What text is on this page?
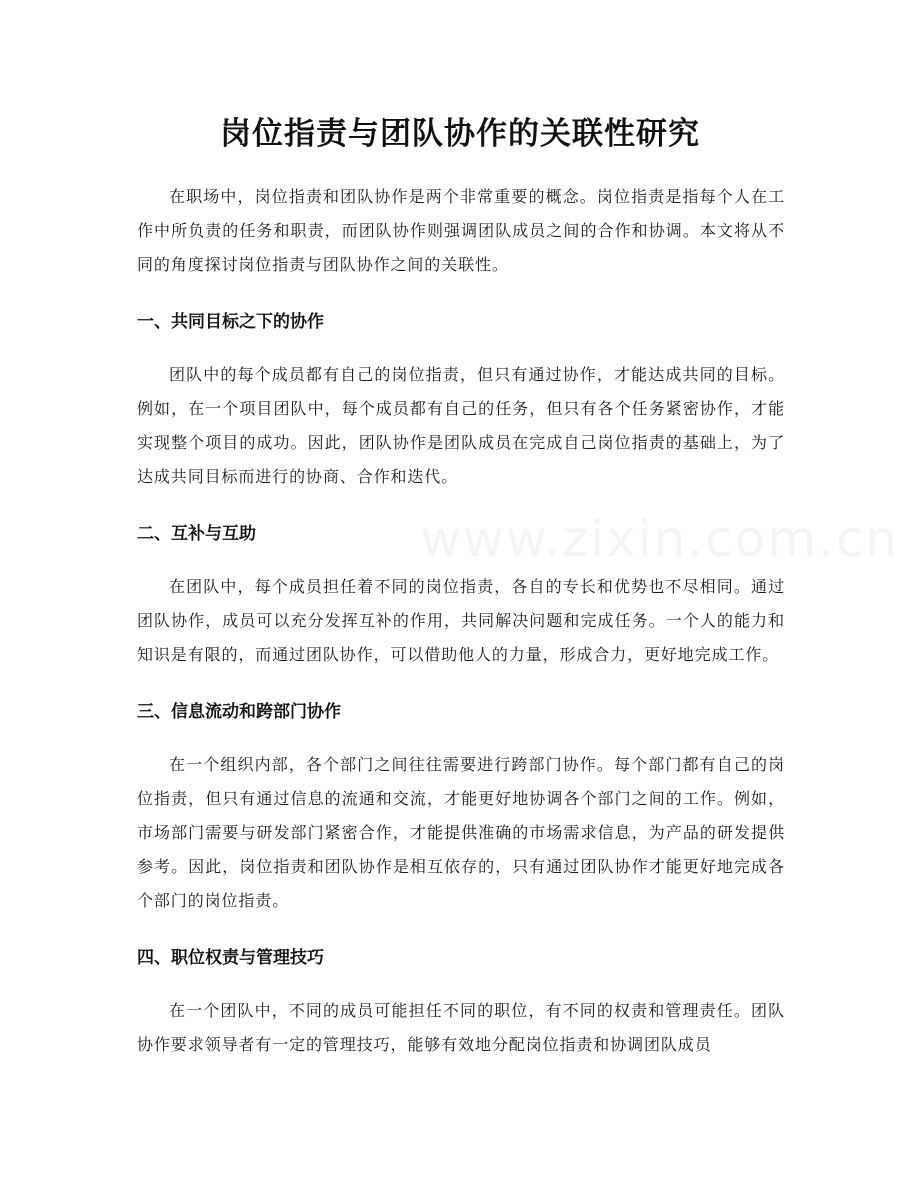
岗位指责与团队协作的关联性研究

在职场中，岗位指责和团队协作是两个非常重要的概念。岗位指责是指每个人在工作中所负责的任务和职责，而团队协作则强调团队成员之间的合作和协调。本文将从不同的角度探讨岗位指责与团队协作之间的关联性。

一、共同目标之下的协作

团队中的每个成员都有自己的岗位指责，但只有通过协作，才能达成共同的目标。例如，在一个项目团队中，每个成员都有自己的任务，但只有各个任务紧密协作，才能实现整个项目的成功。因此，团队协作是团队成员在完成自己岗位指责的基础上，为了达成共同目标而进行的协商、合作和迭代。

二、互补与互助

在团队中，每个成员担任着不同的岗位指责，各自的专长和优势也不尽相同。通过团队协作，成员可以充分发挥互补的作用，共同解决问题和完成任务。一个人的能力和知识是有限的，而通过团队协作，可以借助他人的力量，形成合力，更好地完成工作。

三、信息流动和跨部门协作

在一个组织内部，各个部门之间往往需要进行跨部门协作。每个部门都有自己的岗位指责，但只有通过信息的流通和交流，才能更好地协调各个部门之间的工作。例如，市场部门需要与研发部门紧密合作，才能提供准确的市场需求信息，为产品的研发提供参考。因此，岗位指责和团队协作是相互依存的，只有通过团队协作才能更好地完成各个部门的岗位指责。

四、职位权责与管理技巧

在一个团队中，不同的成员可能担任不同的职位，有不同的权责和管理责任。团队协作要求领导者有一定的管理技巧，能够有效地分配岗位指责和协调团队成员
